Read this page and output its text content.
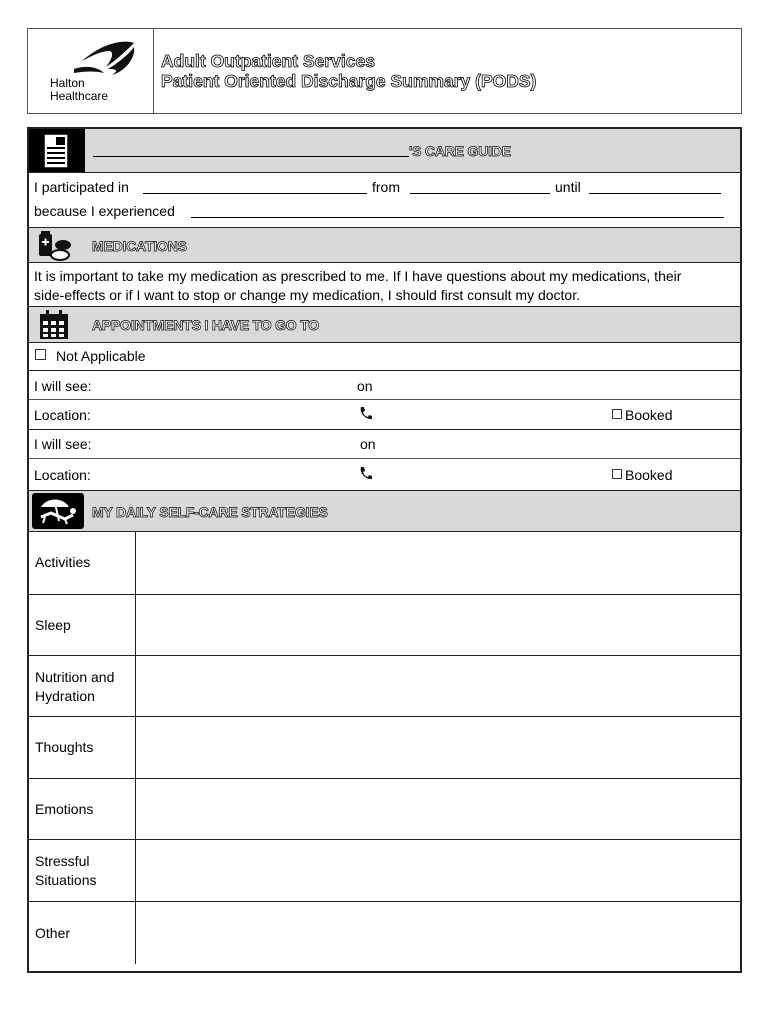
Halton
Healthcare
Adult Outpatient Services
Patient Oriented Discharge Summary (PODS)
'S CARE GUIDE
I participated in	from	until
because I experienced
MEDICATIONS
It is important to take my medication as prescribed to me. If I have questions about my medications, their
side-effects or if I want to stop or change my medication, I should first consult my doctor.
APPOINTMENTS I HAVE TO GO TO
Not Applicable
I will see:	on
Location:	Booked
I will see:	on
Location:	Booked
MY DAILY SELF-CARE STRATEGIES
Activities
Sleep
Nutrition and
Hydration
Thoughts
Emotions
Stressful
Situations
Other
